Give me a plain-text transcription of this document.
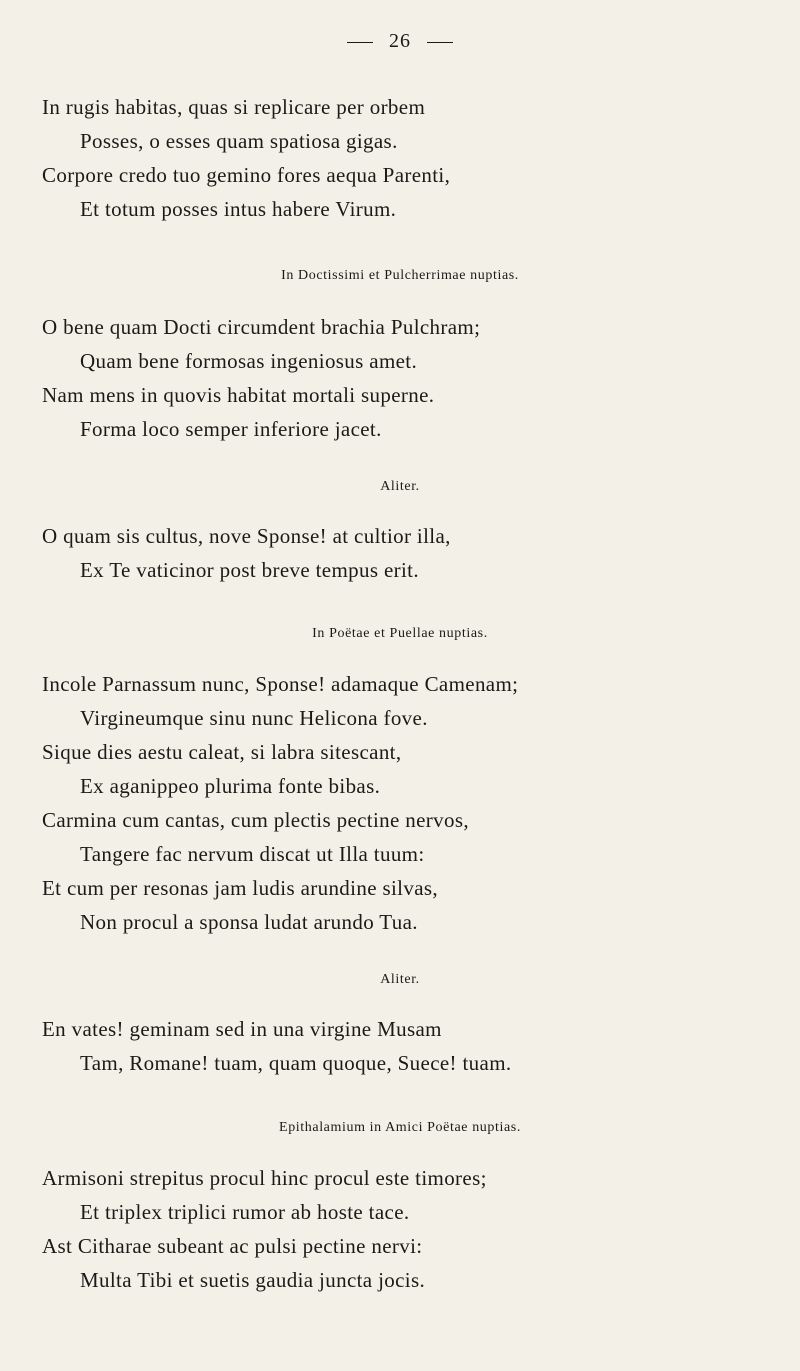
26
In rugis habitas, quas si replicare per orbem
Posses, o esses quam spatiosa gigas.
Corpore credo tuo gemino fores aequa Parenti,
Et totum posses intus habere Virum.
In Doctissimi et Pulcherrimae nuptias.
O bene quam Docti circumdent brachia Pulchram;
Quam bene formosas ingeniosus amet.
Nam mens in quovis habitat mortali superne.
Forma loco semper inferiore jacet.
Aliter.
O quam sis cultus, nove Sponse! at cultior illa,
Ex Te vaticinor post breve tempus erit.
In Poëtae et Puellae nuptias.
Incole Parnassum nunc, Sponse! adamaque Camenam;
Virgineumque sinu nunc Helicona fove.
Sique dies aestu caleat, si labra sitescant,
Ex aganippeo plurima fonte bibas.
Carmina cum cantas, cum plectis pectine nervos,
Tangere fac nervum discat ut Illa tuum:
Et cum per resonas jam ludis arundine silvas,
Non procul a sponsa ludat arundo Tua.
Aliter.
En vates! geminam sed in una virgine Musam
Tam, Romane! tuam, quam quoque, Suece! tuam.
Epithalamium in Amici Poëtae nuptias.
Armisoni strepitus procul hinc procul este timores;
Et triplex triplici rumor ab hoste tace.
Ast Citharae subeant ac pulsi pectine nervi:
Multa Tibi et suetis gaudia juncta jocis.
